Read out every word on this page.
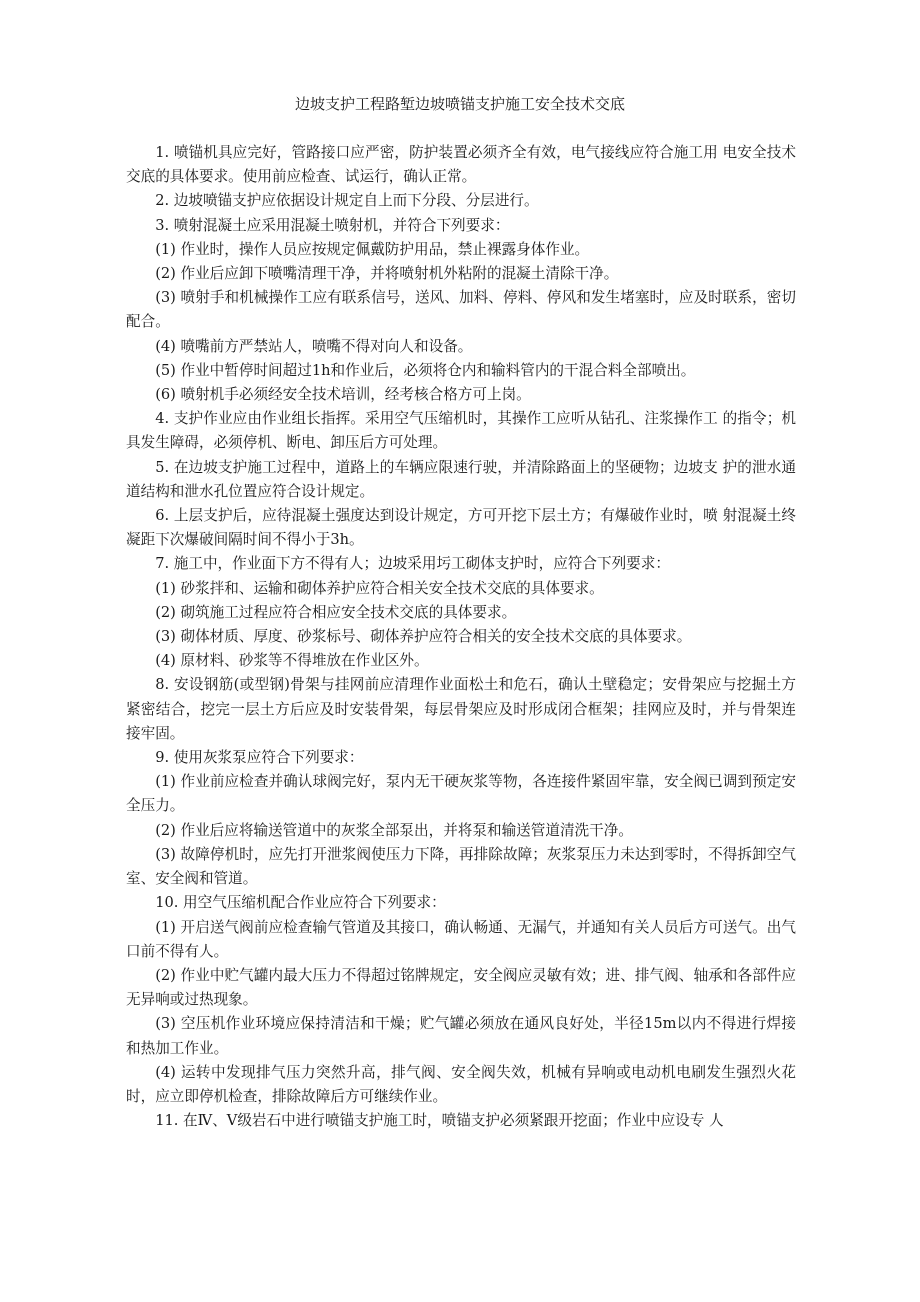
边坡支护工程路堑边坡喷锚支护施工安全技术交底

1. 喷锚机具应完好，管路接口应严密，防护装置必须齐全有效，电气接线应符合施工用 电安全技术交底的具体要求。使用前应检查、试运行，确认正常。

2. 边坡喷锚支护应依据设计规定自上而下分段、分层进行。

3. 喷射混凝土应采用混凝土喷射机，并符合下列要求：

(1) 作业时，操作人员应按规定佩戴防护用品，禁止裸露身体作业。

(2) 作业后应卸下喷嘴清理干净，并将喷射机外粘附的混凝土清除干净。

(3) 喷射手和机械操作工应有联系信号，送风、加料、停料、停风和发生堵塞时，应及时联系，密切配合。

(4) 喷嘴前方严禁站人，喷嘴不得对向人和设备。

(5) 作业中暂停时间超过1h和作业后，必须将仓内和输料管内的干混合料全部喷出。

(6) 喷射机手必须经安全技术培训，经考核合格方可上岗。

4. 支护作业应由作业组长指挥。采用空气压缩机时，其操作工应听从钻孔、注浆操作工 的指令；机具发生障碍，必须停机、断电、卸压后方可处理。

5. 在边坡支护施工过程中，道路上的车辆应限速行驶，并清除路面上的坚硬物；边坡支 护的泄水通道结构和泄水孔位置应符合设计规定。

6. 上层支护后，应待混凝土强度达到设计规定，方可开挖下层土方；有爆破作业时，喷 射混凝土终凝距下次爆破间隔时间不得小于3h。

7. 施工中，作业面下方不得有人；边坡采用圬工砌体支护时，应符合下列要求：

(1) 砂浆拌和、运输和砌体养护应符合相关安全技术交底的具体要求。

(2) 砌筑施工过程应符合相应安全技术交底的具体要求。

(3) 砌体材质、厚度、砂浆标号、砌体养护应符合相关的安全技术交底的具体要求。

(4) 原材料、砂浆等不得堆放在作业区外。

8. 安设钢筋(或型钢)骨架与挂网前应清理作业面松土和危石，确认土壁稳定；安骨架应与挖掘土方紧密结合，挖完一层土方后应及时安装骨架，每层骨架应及时形成闭合框架；挂网应及时，并与骨架连接牢固。

9. 使用灰浆泵应符合下列要求：

(1) 作业前应检查并确认球阀完好，泵内无干硬灰浆等物，各连接件紧固牢靠，安全阀已调到预定安全压力。

(2) 作业后应将输送管道中的灰浆全部泵出，并将泵和输送管道清洗干净。

(3) 故障停机时，应先打开泄浆阀使压力下降，再排除故障；灰浆泵压力未达到零时，不得拆卸空气室、安全阀和管道。

10. 用空气压缩机配合作业应符合下列要求：

(1) 开启送气阀前应检查输气管道及其接口，确认畅通、无漏气，并通知有关人员后方可送气。出气口前不得有人。

(2) 作业中贮气罐内最大压力不得超过铭牌规定，安全阀应灵敏有效；进、排气阀、轴承和各部件应无异响或过热现象。

(3) 空压机作业环境应保持清洁和干燥；贮气罐必须放在通风良好处，半径15m以内不得进行焊接和热加工作业。

(4) 运转中发现排气压力突然升高，排气阀、安全阀失效，机械有异响或电动机电刷发生强烈火花时，应立即停机检查，排除故障后方可继续作业。

11. 在Ⅳ、Ⅴ级岩石中进行喷锚支护施工时，喷锚支护必须紧跟开挖面；作业中应设专 人
